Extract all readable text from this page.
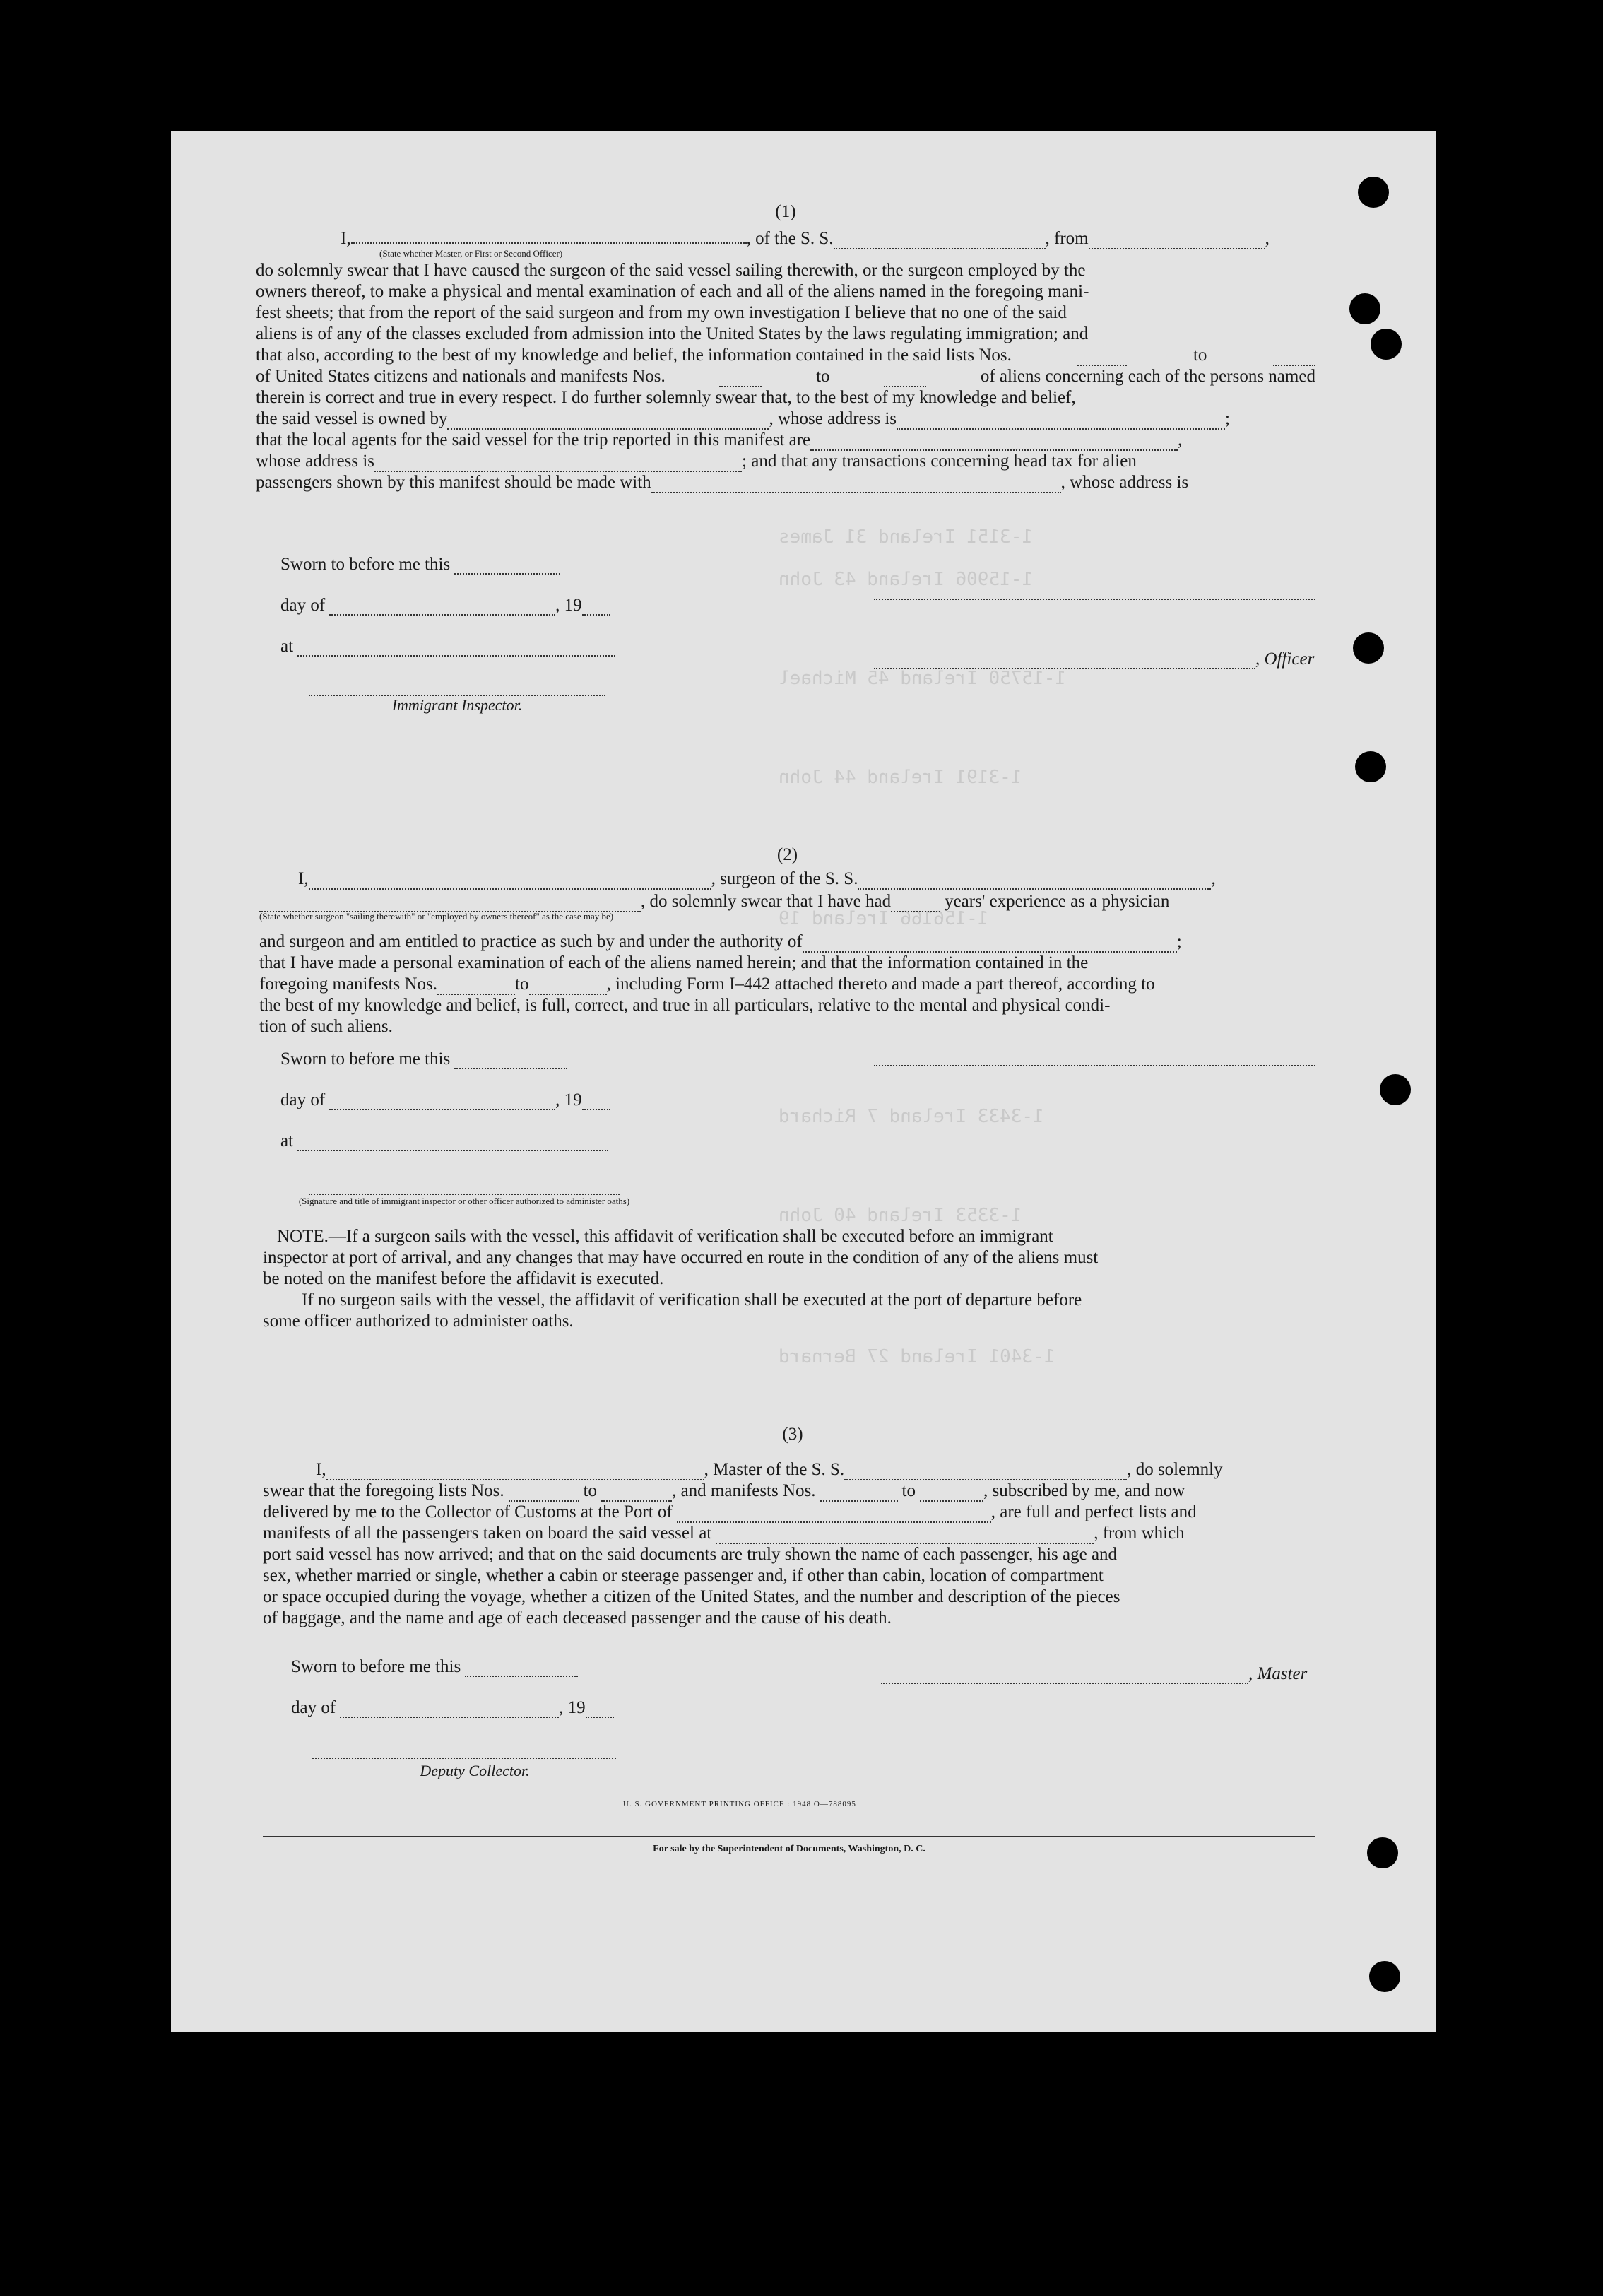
1-3151 Ireland 31 James
1-15906 Ireland 43 John
1-15750 Ireland 45 Michael
1-3191 Ireland 44 John
1-156166 Ireland 19
1-3433 Ireland 7 Richard
1-3353 Ireland 40 John
1-3401 Ireland 27 Bernard
(1)
I,	, of the S. S.	, from	,
(State whether Master, or First or Second Officer)

do solemnly swear that I have caused the surgeon of the said vessel sailing therewith, or the surgeon employed by the

owners thereof, to make a physical and mental examination of each and all of the aliens named in the foregoing mani-

fest sheets; that from the report of the said surgeon and from my own investigation I believe that no one of the said

aliens is of any of the classes excluded from admission into the United States by the laws regulating immigration; and

that also, according to the best of my knowledge and belief, the information contained in the said lists Nos.	to

of United States citizens and nationals and manifests Nos.	to	of aliens concerning each of the persons named

therein is correct and true in every respect. I do further solemnly swear that, to the best of my knowledge and belief,

the said vessel is owned by	, whose address is	;

that the local agents for the said vessel for the trip reported in this manifest are	,

whose address is	; and that any transactions concerning head tax for alien

passengers shown by this manifest should be made with	, whose address is

Sworn to before me this
day of	, 19
at
Immigrant Inspector.
, Officer
(2)
I,	, surgeon of the S. S.	,
, do solemnly swear that I have had	years' experience as a physician
(State whether surgeon "sailing therewith" or "employed by owners thereof" as the case may be)

and surgeon and am entitled to practice as such by and under the authority of	;

that I have made a personal examination of each of the aliens named herein; and that the information contained in the

foregoing manifests Nos.	to	, including Form I–442 attached thereto and made a part thereof, according to

the best of my knowledge and belief, is full, correct, and true in all particulars, relative to the mental and physical condi-

tion of such aliens.

Sworn to before me this
day of	, 19
at
(Signature and title of immigrant inspector or other officer authorized to administer oaths)

NOTE.—If a surgeon sails with the vessel, this affidavit of verification shall be executed before an immigrant

inspector at port of arrival, and any changes that may have occurred en route in the condition of any of the aliens must

be noted on the manifest before the affidavit is executed.

If no surgeon sails with the vessel, the affidavit of verification shall be executed at the port of departure before

some officer authorized to administer oaths.

(3)
I,	, Master of the S. S.	, do solemnly

swear that the foregoing lists Nos.	to	, and manifests Nos.	to	, subscribed by me, and now

delivered by me to the Collector of Customs at the Port of	, are full and perfect lists and

manifests of all the passengers taken on board the said vessel at	, from which

port said vessel has now arrived; and that on the said documents are truly shown the name of each passenger, his age and

sex, whether married or single, whether a cabin or steerage passenger and, if other than cabin, location of compartment

or space occupied during the voyage, whether a citizen of the United States, and the number and description of the pieces

of baggage, and the name and age of each deceased passenger and the cause of his death.

Sworn to before me this
day of	, 19
Deputy Collector.
, Master
U. S. GOVERNMENT PRINTING OFFICE : 1948 O—788095
For sale by the Superintendent of Documents, Washington, D. C.
